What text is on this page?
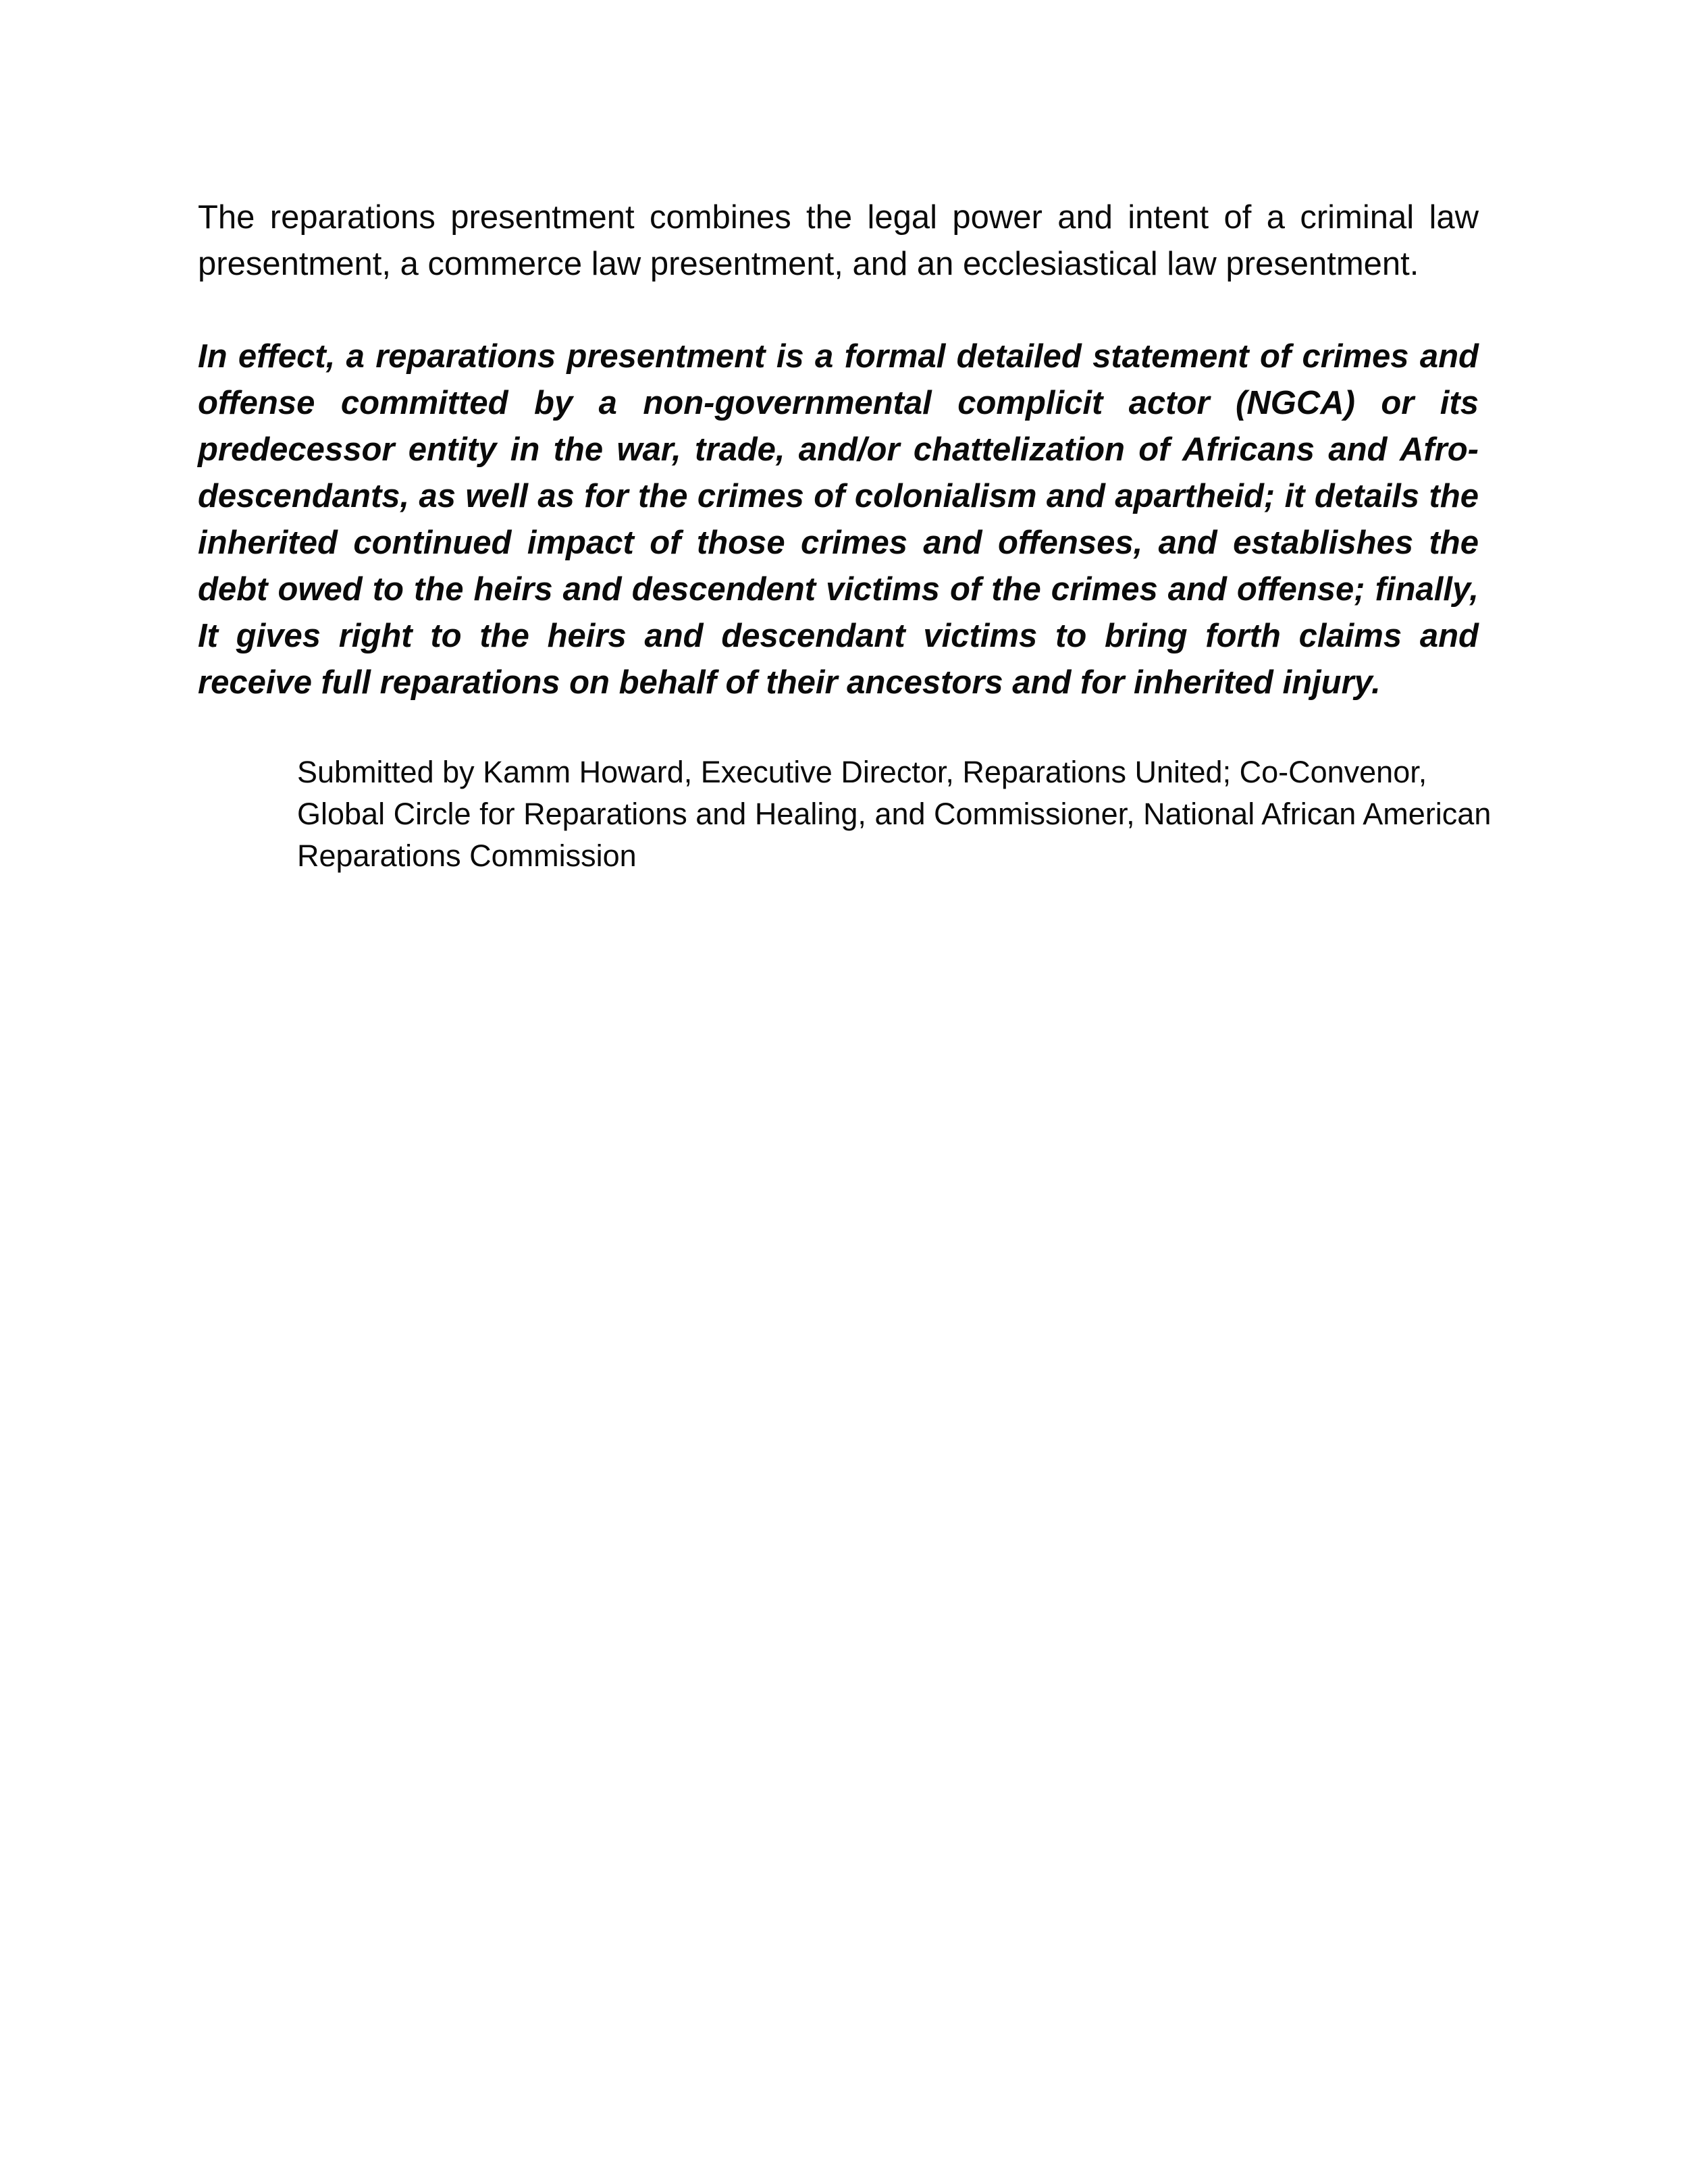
The reparations presentment combines the legal power and intent of a criminal law presentment, a commerce law presentment, and an ecclesiastical law presentment.

In effect, a reparations presentment is a formal detailed statement of crimes and offense committed by a non-governmental complicit actor (NGCA) or its predecessor entity in the war, trade, and/or chattelization of Africans and Afro-descendants, as well as for the crimes of colonialism and apartheid; it details the inherited continued impact of those crimes and offenses, and establishes the debt owed to the heirs and descendent victims of the crimes and offense; finally, It gives right to the heirs and descendant victims to bring forth claims and receive full reparations on behalf of their ancestors and for inherited injury.

Submitted by Kamm Howard, Executive Director, Reparations United; Co-Convenor,
Global Circle for Reparations and Healing, and Commissioner, National African American
Reparations Commission
